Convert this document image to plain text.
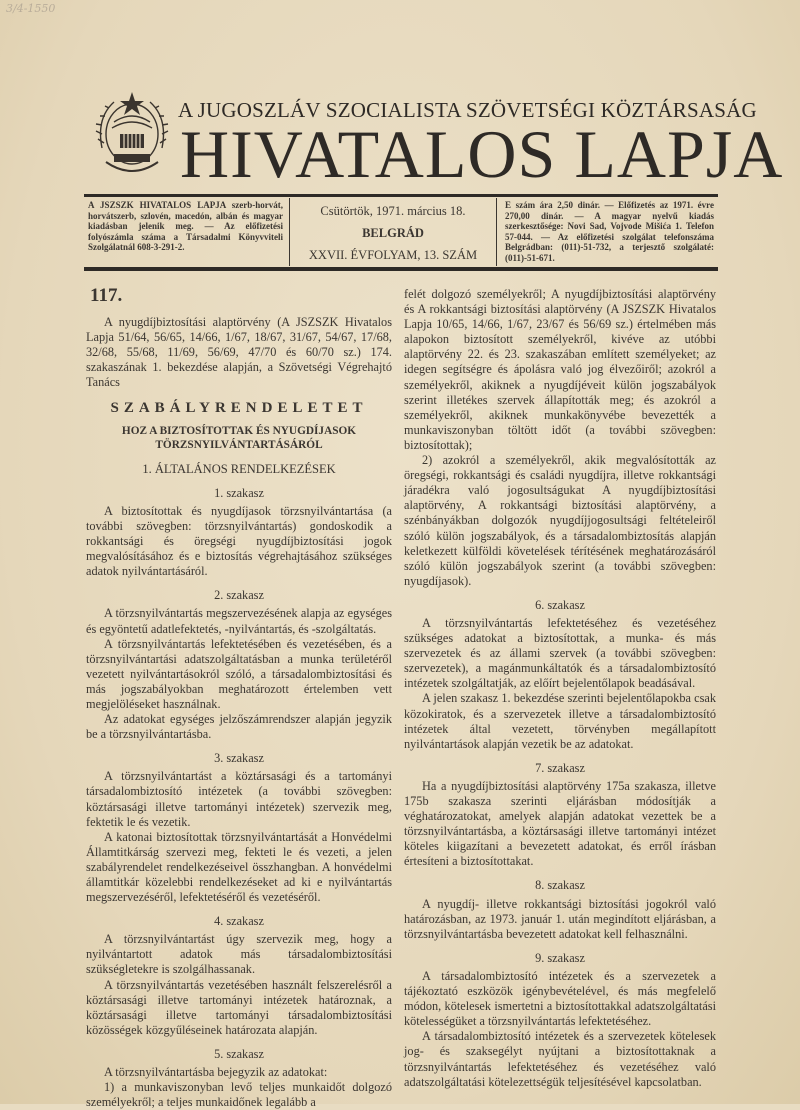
3/4-1550
A JUGOSZLÁV SZOCIALISTA SZÖVETSÉGI KÖZTÁRSASÁG
HIVATALOS LAPJA
A JSZSZK HIVATALOS LAPJA szerb-horvát, horvátszerb, szlovén, macedón, albán és magyar kiadásban jelenik meg. — Az előfizetési folyószámla száma a Társadalmi Könyvviteli Szolgálatnál 608-3-291-2.
Csütörtök, 1971. március 18.
BELGRÁD
XXVII. ÉVFOLYAM, 13. SZÁM
E szám ára 2,50 dinár. — Előfizetés az 1971. évre 270,00 dinár. — A magyar nyelvű kiadás szerkesztősége: Novi Sad, Vojvode Mišića 1. Telefon 57-044. — Az előfizetési szolgálat telefonszáma Belgrádban: (011)-51-732, a terjesztő szolgálaté: (011)-51-671.

117.

A nyugdíjbiztosítási alaptörvény (A JSZSZK Hivatalos Lapja 51/64, 56/65, 14/66, 1/67, 18/67, 31/67, 54/67, 17/68, 32/68, 55/68, 11/69, 56/69, 47/70 és 60/70 sz.) 174. szakaszának 1. bekezdése alapján, a Szövetségi Végrehajtó Tanács

SZABÁLYRENDELETET
HOZ A BIZTOSÍTOTTAK ÉS NYUGDÍJASOK TÖRZSNYILVÁNTARTÁSÁRÓL
1. ÁLTALÁNOS RENDELKEZÉSEK
1. szakasz

A biztosítottak és nyugdíjasok törzsnyilvántartása (a további szövegben: törzsnyilvántartás) gondoskodik a rokkantsági és öregségi nyugdíjbiztosítási jogok megvalósításához és e biztosítás végrehajtásához szükséges adatok nyilvántartásáról.

2. szakasz

A törzsnyilvántartás megszervezésének alapja az egységes és egyöntetű adatlefektetés, -nyilvántartás, és -szolgáltatás.

A törzsnyilvántartás lefektetésében és vezetésében, és a törzsnyilvántartási adatszolgáltatásban a munka területéről vezetett nyilvántartásokról szóló, a társadalombiztosítási és más jogszabályokban meghatározott értelemben vett megjelöléseket használnak.

Az adatokat egységes jelzőszámrendszer alapján jegyzik be a törzsnyilvántartásba.

3. szakasz

A törzsnyilvántartást a köztársasági és a tartományi társadalombiztosító intézetek (a további szövegben: köztársasági illetve tartományi intézetek) szervezik meg, fektetik le és vezetik.

A katonai biztosítottak törzsnyilvántartását a Honvédelmi Államtitkárság szervezi meg, fekteti le és vezeti, a jelen szabályrendelet rendelkezéseivel összhangban. A honvédelmi államtitkár közelebbi rendelkezéseket ad ki e nyilvántartás megszervezéséről, lefektetéséről és vezetéséről.

4. szakasz

A törzsnyilvántartást úgy szervezik meg, hogy a nyilvántartott adatok más társadalombiztosítási szükségletekre is szolgálhassanak.

A törzsnyilvántartás vezetésében használt felszerelésről a köztársasági illetve tartományi intézetek határoznak, a köztársasági illetve tartományi társadalombiztosítási közösségek közgyűléseinek határozata alapján.

5. szakasz

A törzsnyilvántartásba bejegyzik az adatokat:

1) a munkaviszonyban levő teljes munkaidőt dolgozó személyekről; a teljes munkaidőnek legalább a

felét dolgozó személyekről; A nyugdíjbiztosítási alaptörvény és A rokkantsági biztosítási alaptörvény (A JSZSZK Hivatalos Lapja 10/65, 14/66, 1/67, 23/67 és 56/69 sz.) értelmében más alapokon biztosított személyekről, kivéve az utóbbi alaptörvény 22. és 23. szakaszában említett személyeket; az idegen segítségre és ápolásra való jog élvezőiről; azokról a személyekről, akiknek a nyugdíjéveit külön jogszabályok szerint illetékes szervek állapították meg; és azokról a személyekről, akiknek munkakönyvébe bevezették a munkaviszonyban töltött időt (a további szövegben: biztosítottak);

2) azokról a személyekről, akik megvalósították az öregségi, rokkantsági és családi nyugdíjra, illetve rokkantsági járadékra való jogosultságukat A nyugdíjbiztosítási alaptörvény, A rokkantsági biztosítási alaptörvény, a szénbányákban dolgozók nyugdíjjogosultsági feltételeiről szóló külön jogszabályok, és a társadalombiztosítás alapján keletkezett külföldi követelések térítésének meghatározásáról szóló külön jogszabályok szerint (a további szövegben: nyugdíjasok).

6. szakasz

A törzsnyilvántartás lefektetéséhez és vezetéséhez szükséges adatokat a biztosítottak, a munka- és más szervezetek és az állami szervek (a további szövegben: szervezetek), a magánmunkáltatók és a társadalombiztosító intézetek szolgáltatják, az előírt bejelentőlapok beadásával.

A jelen szakasz 1. bekezdése szerinti bejelentőlapokba csak közokiratok, és a szervezetek illetve a társadalombiztosító intézetek által vezetett, törvényben megállapított nyilvántartások alapján vezetik be az adatokat.

7. szakasz

Ha a nyugdíjbiztosítási alaptörvény 175a szakasza, illetve 175b szakasza szerinti eljárásban módosítják a véghatározatokat, amelyek alapján adatokat vezettek be a törzsnyilvántartásba, a köztársasági illetve tartományi intézet köteles kiigazítani a bevezetett adatokat, és erről írásban értesíteni a biztosítottakat.

8. szakasz

A nyugdíj- illetve rokkantsági biztosítási jogokról való határozásban, az 1973. január 1. után megindított eljárásban, a törzsnyilvántartásba bevezetett adatokat kell felhasználni.

9. szakasz

A társadalombiztosító intézetek és a szervezetek a tájékoztató eszközök igénybevételével, és más megfelelő módon, kötelesek ismertetni a biztosítottakkal adatszolgáltatási kötelességüket a törzsnyilvántartás lefektetéséhez.

A társadalombiztosító intézetek és a szervezetek kötelesek jog- és szaksegélyt nyújtani a biztosítottaknak a törzsnyilvántartás lefektetéséhez és vezetéséhez való adatszolgáltatási kötelezettségük teljesítésével kapcsolatban.
